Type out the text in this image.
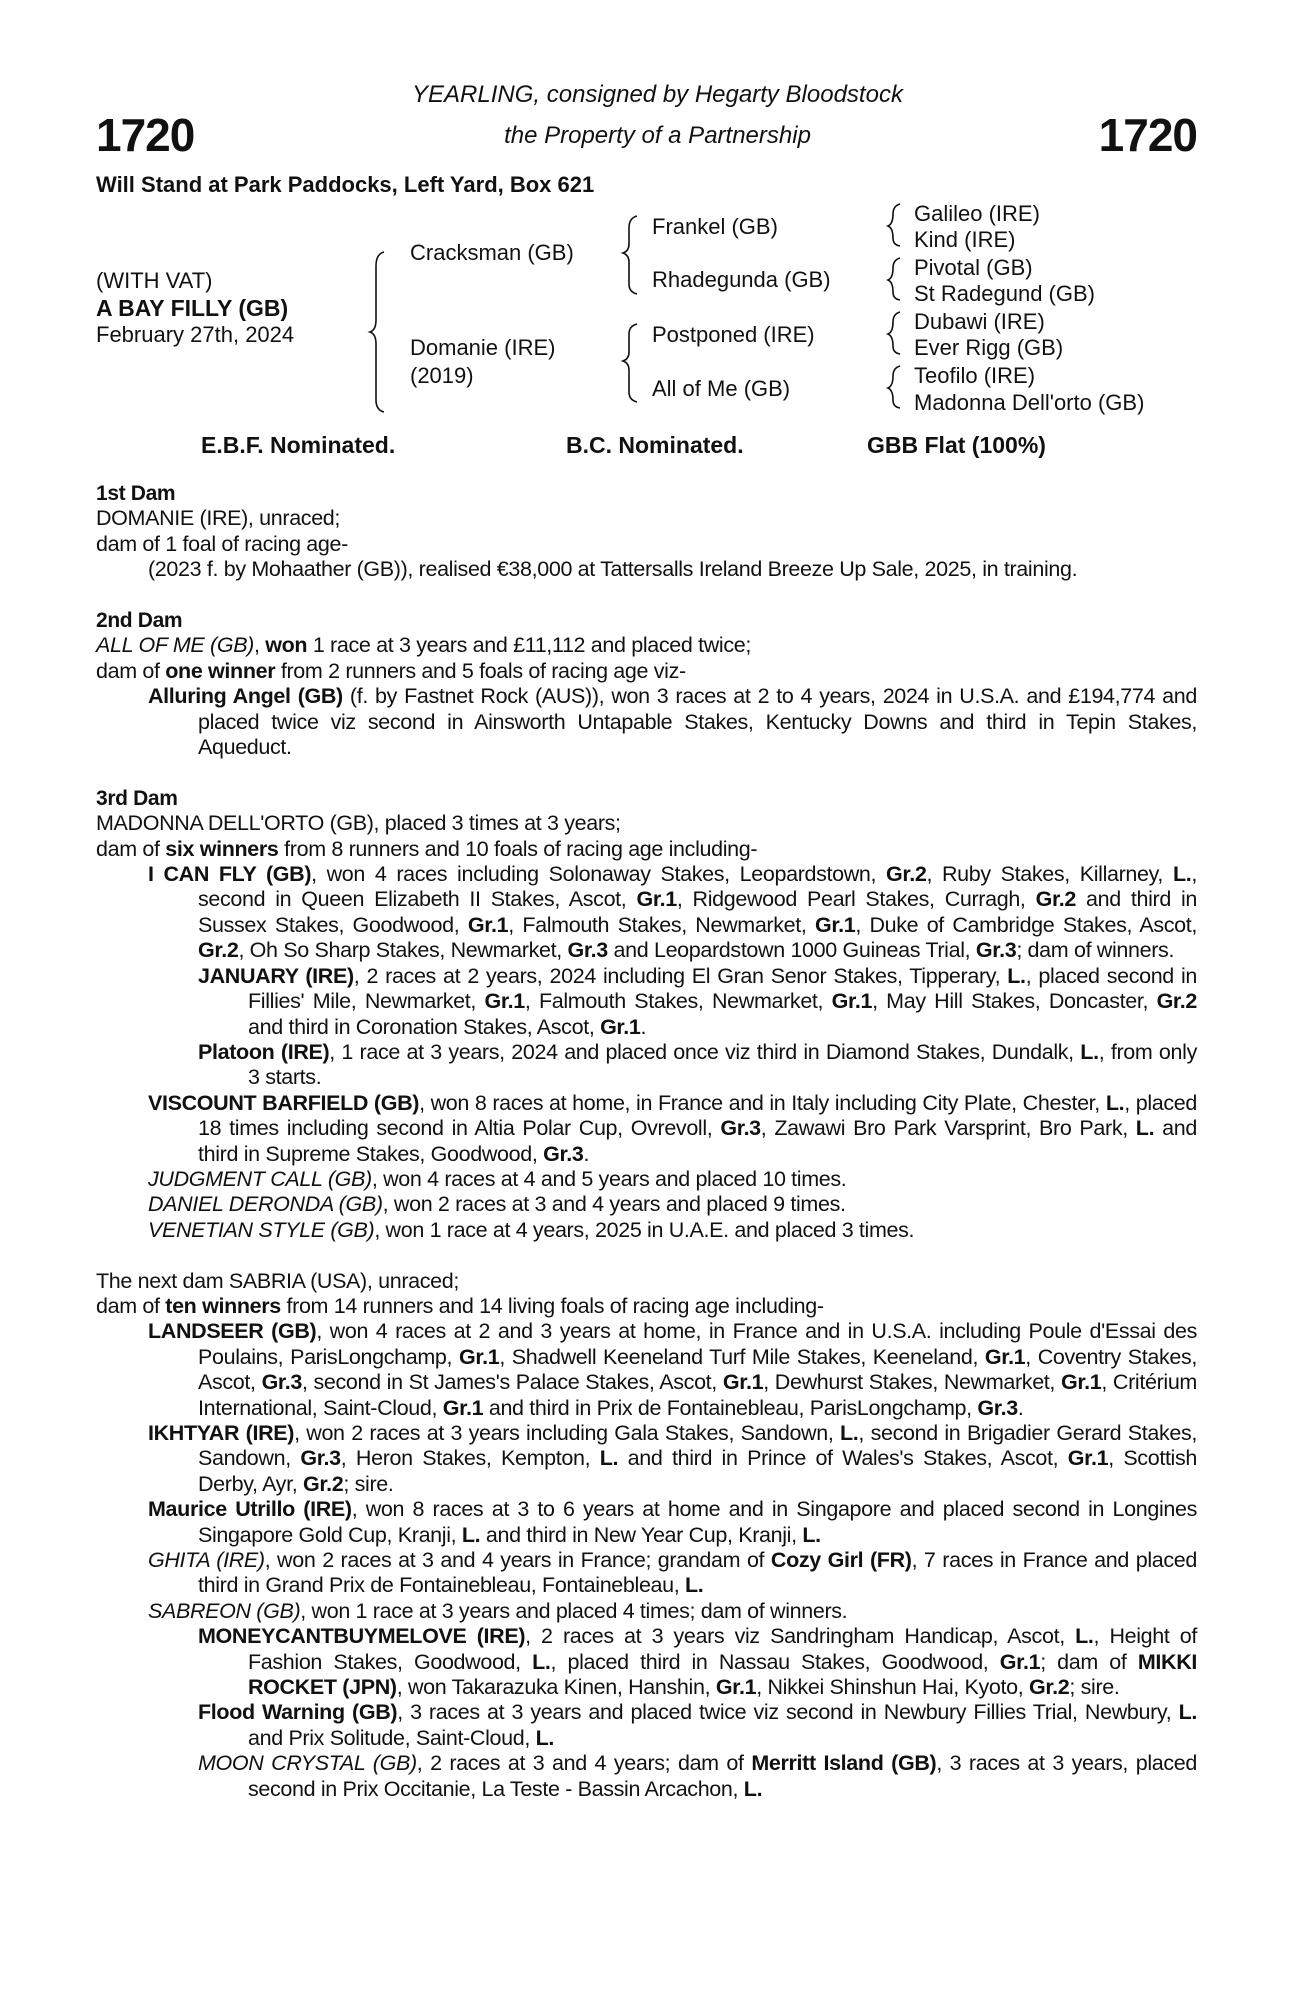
YEARLING, consigned by Hegarty Bloodstock
the Property of a Partnership
1720	1720
Will Stand at Park Paddocks, Left Yard, Box 621
(WITH VAT)
A BAY FILLY (GB)
February 27th, 2024
Cracksman (GB)
Domanie (IRE)
(2019)
Frankel (GB)
Rhadegunda (GB)
Postponed (IRE)
All of Me (GB)
Galileo (IRE)
Kind (IRE)
Pivotal (GB)
St Radegund (GB)
Dubawi (IRE)
Ever Rigg (GB)
Teofilo (IRE)
Madonna Dell'orto (GB)
E.B.F. Nominated.	B.C. Nominated.	GBB Flat (100%)
1st Dam
DOMANIE (IRE), unraced;
dam of 1 foal of racing age-
(2023 f. by Mohaather (GB)), realised €38,000 at Tattersalls Ireland Breeze Up Sale, 2025, in training.
2nd Dam
ALL OF ME (GB), won 1 race at 3 years and £11,112 and placed twice;
dam of one winner from 2 runners and 5 foals of racing age viz-
Alluring Angel (GB) (f. by Fastnet Rock (AUS)), won 3 races at 2 to 4 years, 2024 in U.S.A. and £194,774 and placed twice viz second in Ainsworth Untapable Stakes, Kentucky Downs and third in Tepin Stakes, Aqueduct.
3rd Dam
MADONNA DELL'ORTO (GB), placed 3 times at 3 years;
dam of six winners from 8 runners and 10 foals of racing age including-
I CAN FLY (GB), won 4 races including Solonaway Stakes, Leopardstown, Gr.2, Ruby Stakes, Killarney, L., second in Queen Elizabeth II Stakes, Ascot, Gr.1, Ridgewood Pearl Stakes, Curragh, Gr.2 and third in Sussex Stakes, Goodwood, Gr.1, Falmouth Stakes, Newmarket, Gr.1, Duke of Cambridge Stakes, Ascot, Gr.2, Oh So Sharp Stakes, Newmarket, Gr.3 and Leopardstown 1000 Guineas Trial, Gr.3; dam of winners.
JANUARY (IRE), 2 races at 2 years, 2024 including El Gran Senor Stakes, Tipperary, L., placed second in Fillies' Mile, Newmarket, Gr.1, Falmouth Stakes, Newmarket, Gr.1, May Hill Stakes, Doncaster, Gr.2 and third in Coronation Stakes, Ascot, Gr.1.
Platoon (IRE), 1 race at 3 years, 2024 and placed once viz third in Diamond Stakes, Dundalk, L., from only 3 starts.
VISCOUNT BARFIELD (GB), won 8 races at home, in France and in Italy including City Plate, Chester, L., placed 18 times including second in Altia Polar Cup, Ovrevoll, Gr.3, Zawawi Bro Park Varsprint, Bro Park, L. and third in Supreme Stakes, Goodwood, Gr.3.
JUDGMENT CALL (GB), won 4 races at 4 and 5 years and placed 10 times.
DANIEL DERONDA (GB), won 2 races at 3 and 4 years and placed 9 times.
VENETIAN STYLE (GB), won 1 race at 4 years, 2025 in U.A.E. and placed 3 times.
The next dam SABRIA (USA), unraced;
dam of ten winners from 14 runners and 14 living foals of racing age including-
LANDSEER (GB), won 4 races at 2 and 3 years at home, in France and in U.S.A. including Poule d'Essai des Poulains, ParisLongchamp, Gr.1, Shadwell Keeneland Turf Mile Stakes, Keeneland, Gr.1, Coventry Stakes, Ascot, Gr.3, second in St James's Palace Stakes, Ascot, Gr.1, Dewhurst Stakes, Newmarket, Gr.1, Critérium International, Saint-Cloud, Gr.1 and third in Prix de Fontainebleau, ParisLongchamp, Gr.3.
IKHTYAR (IRE), won 2 races at 3 years including Gala Stakes, Sandown, L., second in Brigadier Gerard Stakes, Sandown, Gr.3, Heron Stakes, Kempton, L. and third in Prince of Wales's Stakes, Ascot, Gr.1, Scottish Derby, Ayr, Gr.2; sire.
Maurice Utrillo (IRE), won 8 races at 3 to 6 years at home and in Singapore and placed second in Longines Singapore Gold Cup, Kranji, L. and third in New Year Cup, Kranji, L.
GHITA (IRE), won 2 races at 3 and 4 years in France; grandam of Cozy Girl (FR), 7 races in France and placed third in Grand Prix de Fontainebleau, Fontainebleau, L.
SABREON (GB), won 1 race at 3 years and placed 4 times; dam of winners.
MONEYCANTBUYMELOVE (IRE), 2 races at 3 years viz Sandringham Handicap, Ascot, L., Height of Fashion Stakes, Goodwood, L., placed third in Nassau Stakes, Goodwood, Gr.1; dam of MIKKI ROCKET (JPN), won Takarazuka Kinen, Hanshin, Gr.1, Nikkei Shinshun Hai, Kyoto, Gr.2; sire.
Flood Warning (GB), 3 races at 3 years and placed twice viz second in Newbury Fillies Trial, Newbury, L. and Prix Solitude, Saint-Cloud, L.
MOON CRYSTAL (GB), 2 races at 3 and 4 years; dam of Merritt Island (GB), 3 races at 3 years, placed second in Prix Occitanie, La Teste - Bassin Arcachon, L.
